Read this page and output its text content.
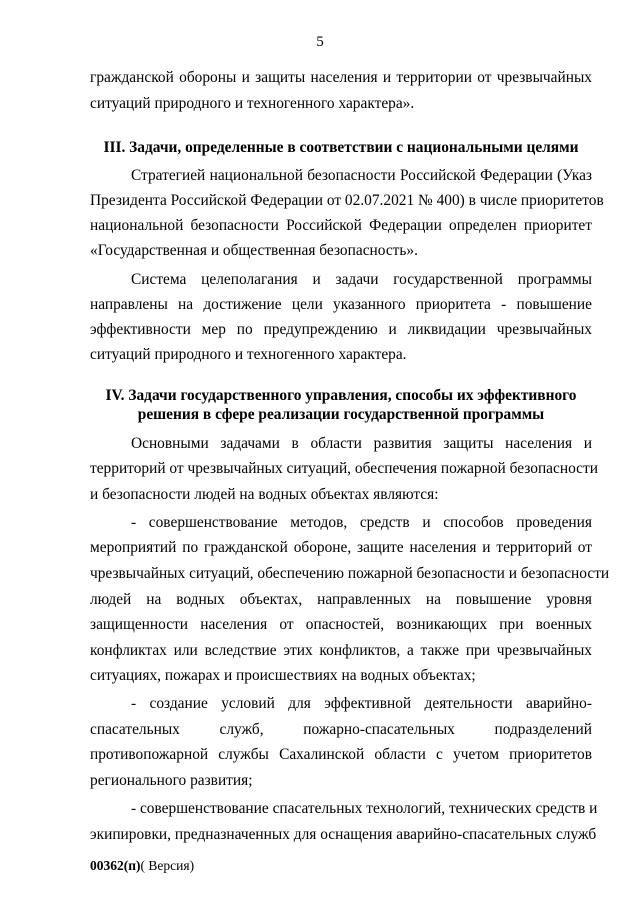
5
гражданской обороны и защиты населения и территории от чрезвычайных
ситуаций природного и техногенного характера».
III. Задачи, определенные в соответствии с национальными целями
Стратегией национальной безопасности Российской Федерации (Указ
Президента Российской Федерации от 02.07.2021 № 400) в числе приоритетов
национальной безопасности Российской Федерации определен приоритет
«Государственная и общественная безопасность».
Система целеполагания и задачи государственной программы
направлены на достижение цели указанного приоритета - повышение
эффективности мер по предупреждению и ликвидации чрезвычайных
ситуаций природного и техногенного характера.
IV. Задачи государственного управления, способы их эффективного
решения в сфере реализации государственной программы
Основными задачами в области развития защиты населения и
территорий от чрезвычайных ситуаций, обеспечения пожарной безопасности
и безопасности людей на водных объектах являются:
- совершенствование методов, средств и способов проведения
мероприятий по гражданской обороне, защите населения и территорий от
чрезвычайных ситуаций, обеспечению пожарной безопасности и безопасности
людей на водных объектах, направленных на повышение уровня
защищенности населения от опасностей, возникающих при военных
конфликтах или вследствие этих конфликтов, а также при чрезвычайных
ситуациях, пожарах и происшествиях на водных объектах;
- создание условий для эффективной деятельности аварийно-
спасательных служб, пожарно-спасательных подразделений
противопожарной службы Сахалинской области с учетом приоритетов
регионального развития;
- совершенствование спасательных технологий, технических средств и
экипировки, предназначенных для оснащения аварийно-спасательных служб
00362(п)( Версия)
